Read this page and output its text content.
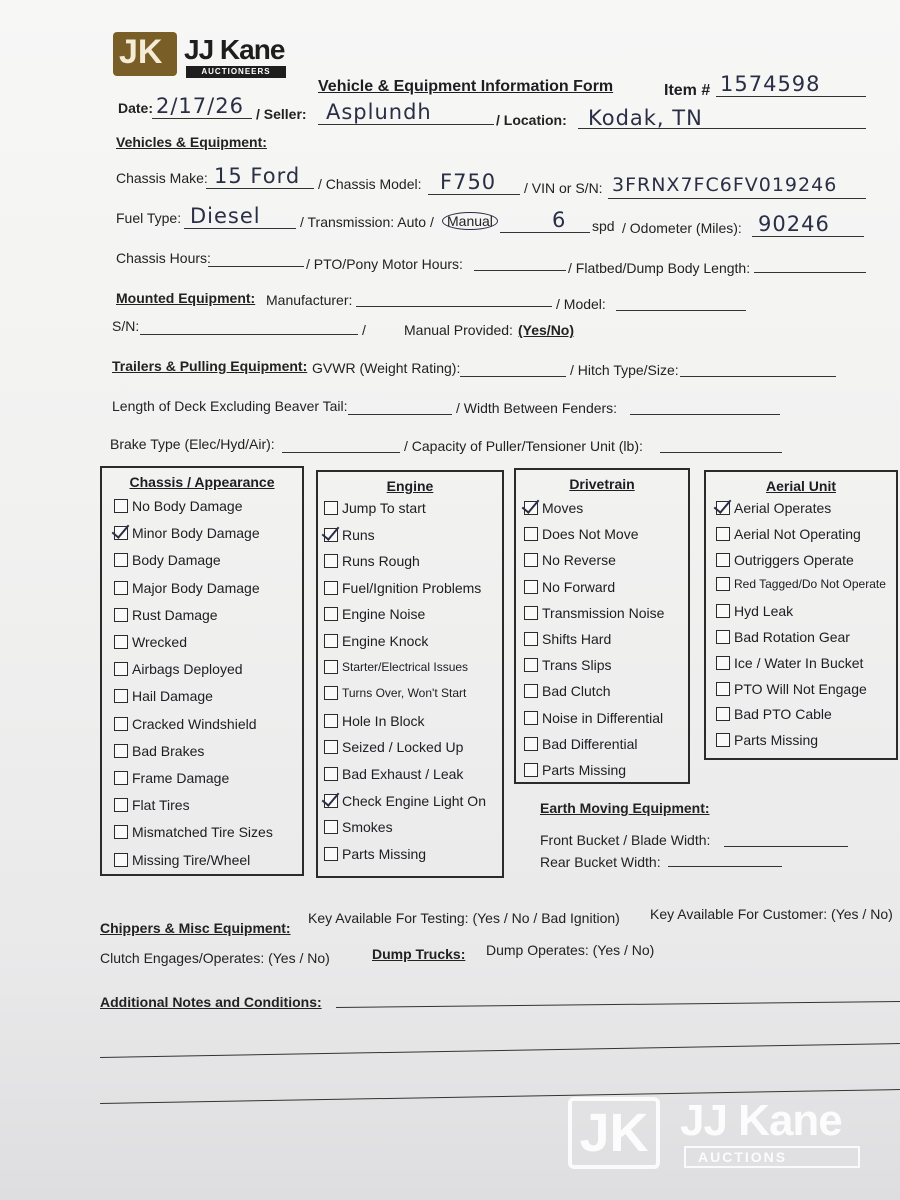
JK JJ Kane
AUCTIONEERS
Vehicle & Equipment Information Form	Item # 1574598
Date: 2/17/26 / Seller: Asplundh	/ Location: Kodak, TN
Vehicles & Equipment:
Chassis Make: 15 Ford / Chassis Model: F750 / VIN or S/N: 3FRNX7FC6FV019246
Fuel Type: Diesel	/ Transmission: Auto / Manual	6 spd / Odometer (Miles): 90246
Chassis Hours:	/ PTO/Pony Motor Hours:	/ Flatbed/Dump Body Length:
Mounted Equipment: Manufacturer:	/ Model:
S/N:	/	Manual Provided: (Yes/No)
Trailers & Pulling Equipment: GVWR (Weight Rating):	/ Hitch Type/Size:
Length of Deck Excluding Beaver Tail:	/ Width Between Fenders:
Brake Type (Elec/Hyd/Air):	/ Capacity of Puller/Tensioner Unit (lb):
Chassis / Appearance	Engine	Drivetrain	Aerial Unit
Earth Moving Equipment:
Front Bucket / Blade Width:
Rear Bucket Width:
Chippers & Misc Equipment:
Key Available For Testing: (Yes / No / Bad Ignition) Key Available For Customer: (Yes / No)
Clutch Engages/Operates: (Yes / No)	Dump Trucks: Dump Operates: (Yes / No)
Additional Notes and Conditions:
JK JJ Kane
AUCTIONS
No Body Damage
Minor Body Damage
Body Damage
Major Body Damage
Rust Damage
Wrecked
Airbags Deployed
Hail Damage
Cracked Windshield
Bad Brakes
Frame Damage
Flat Tires
Mismatched Tire Sizes
Missing Tire/Wheel
Jump To start
Runs
Runs Rough
Fuel/Ignition Problems
Engine Noise
Engine Knock
Starter/Electrical Issues
Turns Over, Won't Start
Hole In Block
Seized / Locked Up
Bad Exhaust / Leak
Check Engine Light On
Smokes
Parts Missing
Moves
Does Not Move
No Reverse
No Forward
Transmission Noise
Shifts Hard
Trans Slips
Bad Clutch
Noise in Differential
Bad Differential
Parts Missing
Aerial Operates
Aerial Not Operating
Outriggers Operate
Red Tagged/Do Not Operate
Hyd Leak
Bad Rotation Gear
Ice / Water In Bucket
PTO Will Not Engage
Bad PTO Cable
Parts Missing
